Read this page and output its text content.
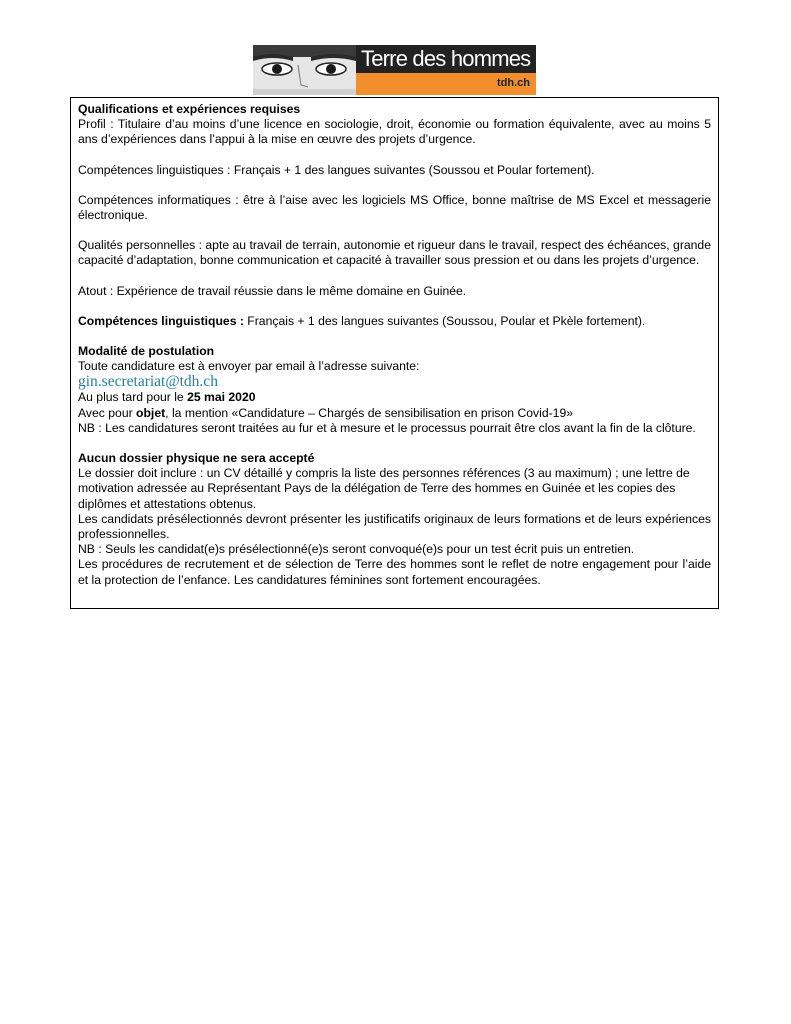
Terre des hommes
tdh.ch

Qualifications et expériences requises

Profil : Titulaire d’au moins d’une licence en sociologie, droit, économie ou formation équivalente, avec au moins 5 ans d’expériences dans l’appui à la mise en œuvre des projets d’urgence.

Compétences linguistiques : Français + 1 des langues suivantes (Soussou et Poular fortement).

Compétences informatiques : être à l’aise avec les logiciels MS Office, bonne maîtrise de MS Excel et messagerie électronique.

Qualités personnelles : apte au travail de terrain, autonomie et rigueur dans le travail, respect des échéances, grande capacité d’adaptation, bonne communication et capacité à travailler sous pression et ou dans les projets d’urgence.

Atout : Expérience de travail réussie dans le même domaine en Guinée.

Compétences linguistiques : Français + 1 des langues suivantes (Soussou, Poular et Pkèle fortement).

Modalité de postulation

Toute candidature est à envoyer par email à l’adresse suivante:

gin.secretariat@tdh.ch

Au plus tard pour le 25 mai 2020

Avec pour objet, la mention «Candidature – Chargés de sensibilisation en prison Covid-19»

NB : Les candidatures seront traitées au fur et à mesure et le processus pourrait être clos avant la fin de la clôture.

Aucun dossier physique ne sera accepté

Le dossier doit inclure : un CV détaillé y compris la liste des personnes références (3 au maximum) ; une lettre de motivation adressée au Représentant Pays de la délégation de Terre des hommes en Guinée et les copies des diplômes et attestations obtenus.

Les candidats présélectionnés devront présenter les justificatifs originaux de leurs formations et de leurs expériences professionnelles.

NB : Seuls les candidat(e)s présélectionné(e)s seront convoqué(e)s pour un test écrit puis un entretien.

Les procédures de recrutement et de sélection de Terre des hommes sont le reflet de notre engagement pour l’aide et la protection de l’enfance. Les candidatures féminines sont fortement encouragées.
